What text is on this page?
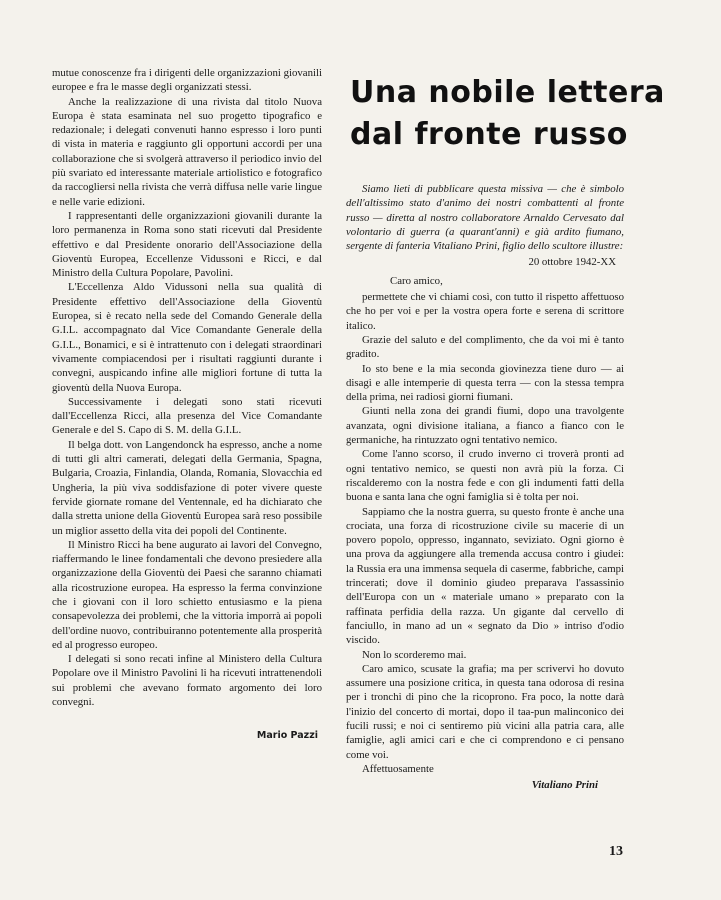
mutue conoscenze fra i dirigenti delle organizzazioni giovanili europee e fra le masse degli organizzati stessi.

Anche la realizzazione di una rivista dal titolo Nuova Europa è stata esaminata nel suo progetto tipografico e redazionale; i delegati convenuti hanno espresso i loro punti di vista in materia e raggiunto gli opportuni accordi per una collaborazione che si svolgerà attraverso il periodico invio del più svariato ed interessante materiale artiolistico e fotografico da raccogliersi nella rivista che verrà diffusa nelle varie lingue e nelle varie edizioni.

I rappresentanti delle organizzazioni giovanili durante la loro permanenza in Roma sono stati ricevuti dal Presidente effettivo e dal Presidente onorario dell'Associazione della Gioventù Europea, Eccellenze Vidussoni e Ricci, e dal Ministro della Cultura Popolare, Pavolini.

L'Eccellenza Aldo Vidussoni nella sua qualità di Presidente effettivo dell'Associazione della Gioventù Europea, si è recato nella sede del Comando Generale della G.I.L. accompagnato dal Vice Comandante Generale della G.I.L., Bonamici, e si è intrattenuto con i delegati straordinari vivamente compiacendosi per i risultati raggiunti durante i convegni, auspicando infine alle migliori fortune di tutta la gioventù della Nuova Europa.

Successivamente i delegati sono stati ricevuti dall'Eccellenza Ricci, alla presenza del Vice Comandante Generale e del S. Capo di S. M. della G.I.L.

Il belga dott. von Langendonck ha espresso, anche a nome di tutti gli altri camerati, delegati della Germania, Spagna, Bulgaria, Croazia, Finlandia, Olanda, Romania, Slovacchia ed Ungheria, la più viva soddisfazione di poter vivere queste fervide giornate romane del Ventennale, ed ha dichiarato che dalla stretta unione della Gioventù Europea sarà reso possibile un miglior assetto della vita dei popoli del Continente.

Il Ministro Ricci ha bene augurato ai lavori del Convegno, riaffermando le linee fondamentali che devono presiedere alla organizzazione della Gioventù dei Paesi che saranno chiamati alla ricostruzione europea. Ha espresso la ferma convinzione che i giovani con il loro schietto entusiasmo e la piena consapevolezza dei problemi, che la vittoria imporrà ai popoli dell'ordine nuovo, contribuiranno potentemente alla prosperità ed al progresso europeo.

I delegati si sono recati infine al Ministero della Cultura Popolare ove il Ministro Pavolini li ha ricevuti intrattenendoli sui problemi che avevano formato argomento dei loro convegni.

Mario Pazzi
Una nobile lettera
dal fronte russo

Siamo lieti di pubblicare questa missiva — che è simbolo dell'altissimo stato d'animo dei nostri combattenti al fronte russo — diretta al nostro collaboratore Arnaldo Cervesato dal volontario di guerra (a quarant'anni) e già ardito fiumano, sergente di fanteria Vitaliano Prini, figlio dello scultore illustre:

20 ottobre 1942-XX

Caro amico,

permettete che vi chiami così, con tutto il rispetto affettuoso che ho per voi e per la vostra opera forte e serena di scrittore italico.

Grazie del saluto e del complimento, che da voi mi è tanto gradito.

Io sto bene e la mia seconda giovinezza tiene duro — ai disagi e alle intemperie di questa terra — con la stessa tempra della prima, nei radiosi giorni fiumani.

Giunti nella zona dei grandi fiumi, dopo una travolgente avanzata, ogni divisione italiana, a fianco a fianco con le germaniche, ha rintuzzato ogni tentativo nemico.

Come l'anno scorso, il crudo inverno ci troverà pronti ad ogni tentativo nemico, se questi non avrà più la forza. Ci riscalderemo con la nostra fede e con gli indumenti fatti della buona e santa lana che ogni famiglia si è tolta per noi.

Sappiamo che la nostra guerra, su questo fronte è anche una crociata, una forza di ricostruzione civile su macerie di un povero popolo, oppresso, ingannato, seviziato. Ogni giorno è una prova da aggiungere alla tremenda accusa contro i giudei: la Russia era una immensa sequela di caserme, fabbriche, campi trincerati; dove il dominio giudeo preparava l'assassinio dell'Europa con un « materiale umano » preparato con la raffinata perfidia della razza. Un gigante dal cervello di fanciullo, in mano ad un « segnato da Dio » intriso d'odio viscido.

Non lo scorderemo mai.

Caro amico, scusate la grafia; ma per scrivervi ho dovuto assumere una posizione critica, in questa tana odorosa di resina per i tronchi di pino che la ricoprono. Fra poco, la notte darà l'inizio del concerto di mortai, dopo il taa-pun malinconico dei fucili russi; e noi ci sentiremo più vicini alla patria cara, alle famiglie, agli amici cari e che ci comprendono e ci pensano come voi.

Affettuosamente

Vitaliano Prini
13
